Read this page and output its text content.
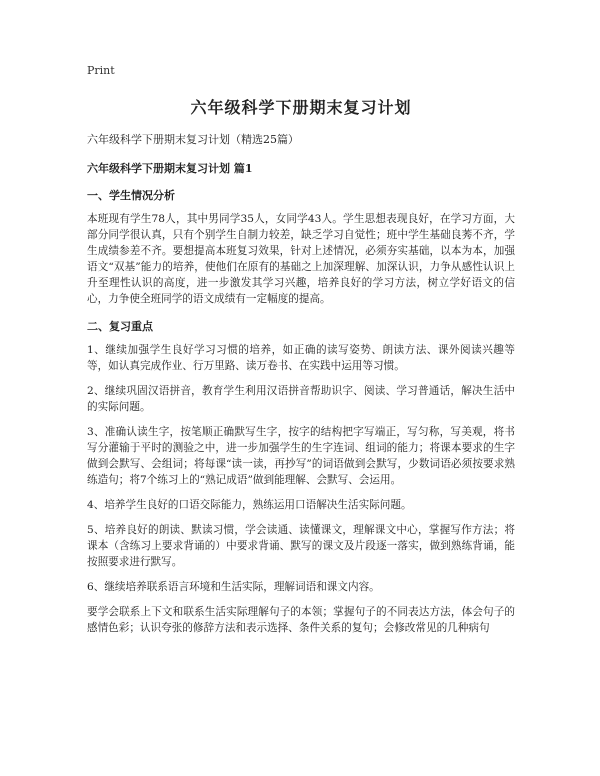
Print
六年级科学下册期末复习计划
六年级科学下册期末复习计划（精选25篇）
六年级科学下册期末复习计划 篇1
一、学生情况分析

本班现有学生78人，其中男同学35人，女同学43人。学生思想表现良好，在学习方面，大部分同学很认真，只有个别学生自制力较差，缺乏学习自觉性；班中学生基础良莠不齐，学生成绩参差不齐。要想提高本班复习效果，针对上述情况，必须夯实基础，以本为本，加强语文“双基”能力的培养，使他们在原有的基础之上加深理解、加深认识，力争从感性认识上升至理性认识的高度，进一步激发其学习兴趣，培养良好的学习方法，树立学好语文的信心，力争使全班同学的语文成绩有一定幅度的提高。

二、复习重点

1、继续加强学生良好学习习惯的培养，如正确的读写姿势、朗读方法、课外阅读兴趣等等，如认真完成作业、行万里路、读万卷书、在实践中运用等习惯。

2、继续巩固汉语拼音，教育学生利用汉语拼音帮助识字、阅读、学习普通话，解决生活中的实际问题。

3、准确认读生字，按笔顺正确默写生字，按字的结构把字写端正，写匀称，写美观，将书写分灌输于平时的测验之中，进一步加强学生的生字连词、组词的能力；将课本要求的生字做到会默写、会组词；将每课“读一读，再抄写”的词语做到会默写，少数词语必须按要求熟练造句；将7个练习上的“熟记成语”做到能理解、会默写、会运用。

4、培养学生良好的口语交际能力，熟练运用口语解决生活实际问题。

5、培养良好的朗读、默读习惯，学会读通、读懂课文，理解课文中心，掌握写作方法；将课本（含练习上要求背诵的）中要求背诵、默写的课文及片段逐一落实，做到熟练背诵，能按照要求进行默写。

6、继续培养联系语言环境和生活实际，理解词语和课文内容。

要学会联系上下文和联系生活实际理解句子的本领；掌握句子的不同表达方法，体会句子的感情色彩；认识夸张的修辞方法和表示选择、条件关系的复句；会修改常见的几种病句
